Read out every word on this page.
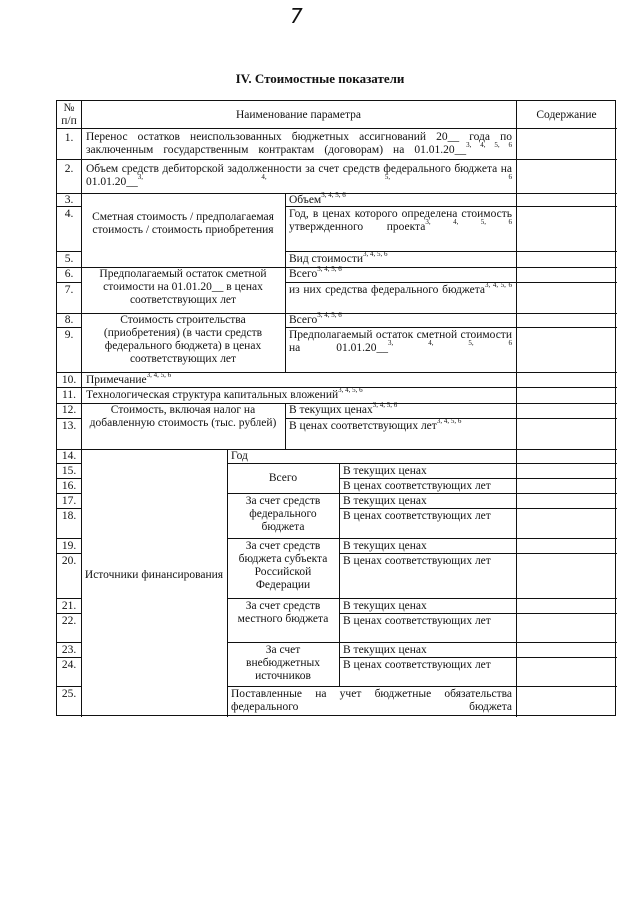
7
IV. Стоимостные показатели
№
п/п	Наименование параметра	Содержание
1.
2.
3.
4.
5.
6.
7.
8.
9.
10.
11.
12.
13.
14.
15.
16.
17.
18.
19.
20.
21.
22.
23.
24.
25.
Перенос остатков неиспользованных бюджетных ассигнований 20__ года по заключенным государственным контрактам (договорам) на 01.01.20__$^{3, 4, 5, 6}$
Объем средств дебиторской задолженности за счет средств федерального бюджета на 01.01.20__$^{3, 4, 5, 6}$
Сметная стоимость / предполагаемая стоимость / стоимость приобретения
Объем$^{3, 4, 5, 6}$
Год, в ценах которого определена стоимость утвержденного проекта$^{3, 4, 5, 6}$
Вид стоимости$^{3, 4, 5, 6}$
Предполагаемый остаток сметной стоимости на 01.01.20__ в ценах соответствующих лет
Всего$^{3, 4, 5, 6}$
из них средства федерального бюджета$^{3, 4, 5, 6}$
Стоимость строительства (приобретения) (в части средств федерального бюджета) в ценах соответствующих лет
Всего$^{3, 4, 5, 6}$
Предполагаемый остаток сметной стоимости на 01.01.20__$^{3, 4, 5, 6}$
Примечание$^{3, 4, 5, 6}$
Технологическая структура капитальных вложений$^{3, 4, 5, 6}$
Стоимость, включая налог на добавленную стоимость (тыс. рублей)
В текущих ценах$^{3, 4, 5, 6}$
В ценах соответствующих лет$^{3, 4, 5, 6}$
Источники финансирования
Год
Всего
В текущих ценах
В ценах соответствующих лет
За счет средств федерального бюджета
В текущих ценах
В ценах соответствующих лет
За счет средств бюджета субъекта Российской Федерации
В текущих ценах
В ценах соответствующих лет
За счет средств местного бюджета
В текущих ценах
В ценах соответствующих лет
За счет внебюджетных источников
В текущих ценах
В ценах соответствующих лет
Поставленные на учет бюджетные обязательства федерального бюджета
